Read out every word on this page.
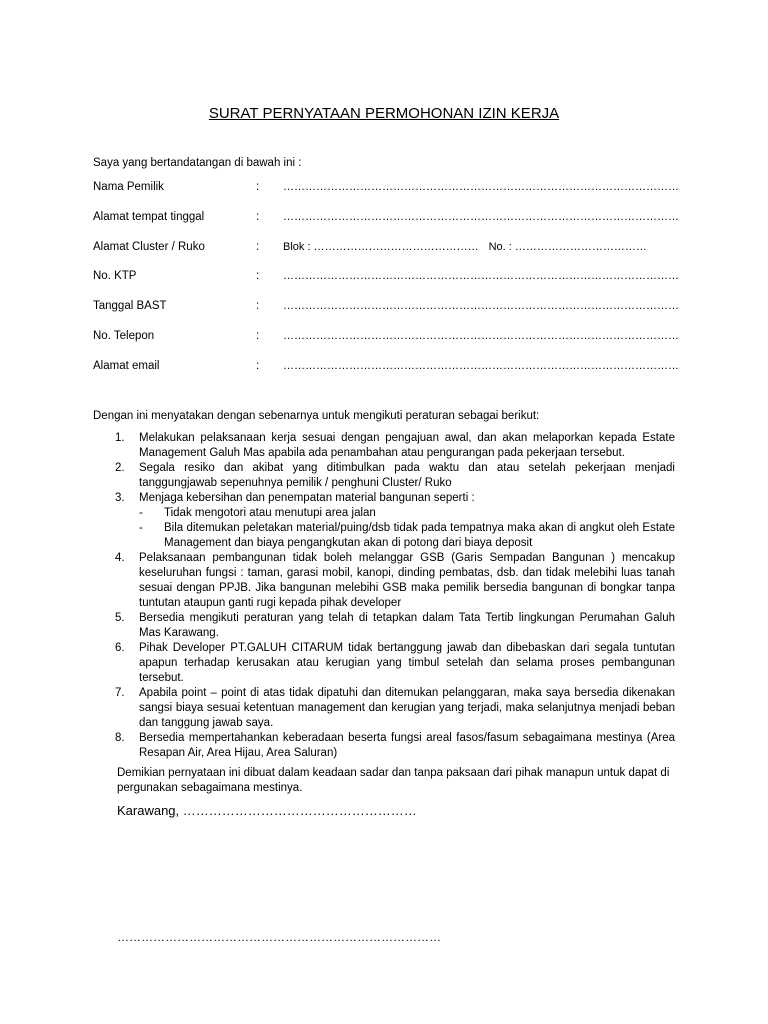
SURAT PERNYATAAN PERMOHONAN IZIN KERJA
Saya yang bertandatangan di bawah ini :
Nama Pemilik	: ………………………………………………………………………………………………
Alamat tempat tinggal	: ………………………………………………………………………………………………
Alamat Cluster / Ruko	: Blok : ……………………………………… No. : ………………………………
No. KTP	: ………………………………………………………………………………………………
Tanggal BAST	: ………………………………………………………………………………………………
No. Telepon	: ………………………………………………………………………………………………
Alamat email	: ………………………………………………………………………………………………
Dengan ini menyatakan dengan sebenarnya untuk mengikuti peraturan sebagai berikut:
1. Melakukan pelaksanaan kerja sesuai dengan pengajuan awal, dan akan melaporkan kepada Estate Management Galuh Mas apabila ada penambahan atau pengurangan pada pekerjaan tersebut.
2. Segala resiko dan akibat yang ditimbulkan pada waktu dan atau setelah pekerjaan menjadi tanggungjawab sepenuhnya pemilik / penghuni Cluster/ Ruko
3. Menjaga kebersihan dan penempatan material bangunan seperti :
- Tidak mengotori atau menutupi area jalan
- Bila ditemukan peletakan material/puing/dsb tidak pada tempatnya maka akan di angkut oleh Estate Management dan biaya pengangkutan akan di potong dari biaya deposit
4. Pelaksanaan pembangunan tidak boleh melanggar GSB (Garis Sempadan Bangunan ) mencakup keseluruhan fungsi : taman, garasi mobil, kanopi, dinding pembatas, dsb. dan tidak melebihi luas tanah sesuai dengan PPJB. Jika bangunan melebihi GSB maka pemilik bersedia bangunan di bongkar tanpa tuntutan ataupun ganti rugi kepada pihak developer
5. Bersedia mengikuti peraturan yang telah di tetapkan dalam Tata Tertib lingkungan Perumahan Galuh Mas Karawang.
6. Pihak Developer PT.GALUH CITARUM tidak bertanggung jawab dan dibebaskan dari segala tuntutan apapun terhadap kerusakan atau kerugian yang timbul setelah dan selama proses pembangunan tersebut.
7. Apabila point – point di atas tidak dipatuhi dan ditemukan pelanggaran, maka saya bersedia dikenakan sangsi biaya sesuai ketentuan management dan kerugian yang terjadi, maka selanjutnya menjadi beban dan tanggung jawab saya.
8. Bersedia mempertahankan keberadaan beserta fungsi areal fasos/fasum sebagaimana mestinya (Area Resapan Air, Area Hijau, Area Saluran)
Demikian pernyataan ini dibuat dalam keadaan sadar dan tanpa paksaan dari pihak manapun untuk dapat di pergunakan sebagaimana mestinya.
Karawang, ………………………………………………
………………………………………………………………………
